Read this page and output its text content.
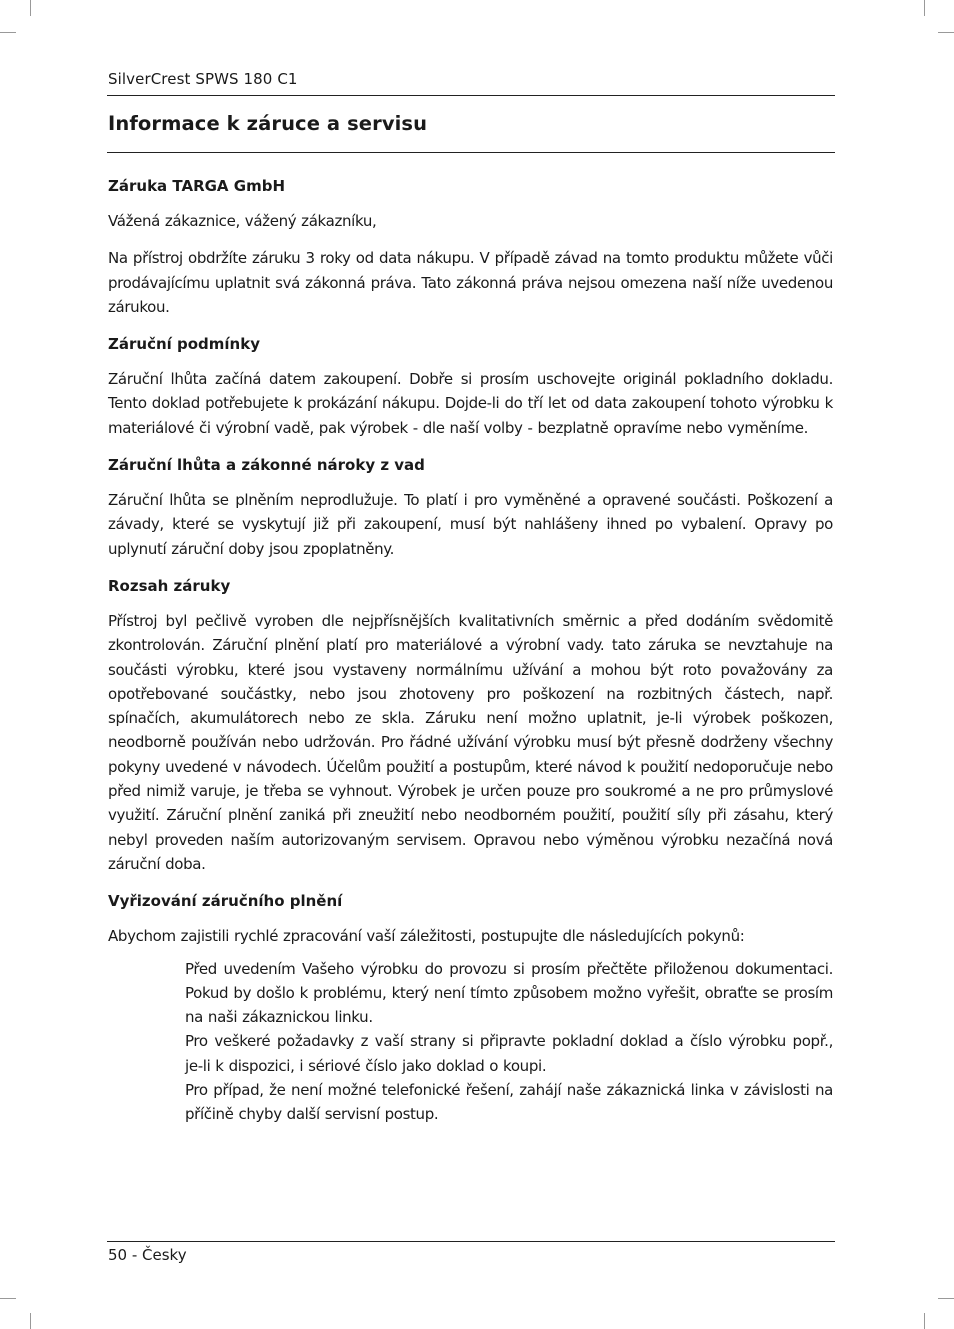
SilverCrest SPWS 180 C1
Informace k záruce a servisu
Záruka TARGA GmbH

Vážená zákaznice, vážený zákazníku,

Na přístroj obdržíte záruku 3 roky od data nákupu. V případě závad na tomto produktu můžete vůči prodávajícímu uplatnit svá zákonná práva. Tato zákonná práva nejsou omezena naší níže uvedenou zárukou.

Záruční podmínky

Záruční lhůta začíná datem zakoupení. Dobře si prosím uschovejte originál pokladního dokladu. Tento doklad potřebujete k prokázání nákupu. Dojde-li do tří let od data zakoupení tohoto výrobku k materiálové či výrobní vadě, pak výrobek - dle naší volby - bezplatně opravíme nebo vyměníme.

Záruční lhůta a zákonné nároky z vad

Záruční lhůta se plněním neprodlužuje. To platí i pro vyměněné a opravené součásti. Poškození a závady, které se vyskytují již při zakoupení, musí být nahlášeny ihned po vybalení. Opravy po uplynutí záruční doby jsou zpoplatněny.

Rozsah záruky

Přístroj byl pečlivě vyroben dle nejpřísnějších kvalitativních směrnic a před dodáním svědomitě zkontrolován. Záruční plnění platí pro materiálové a výrobní vady. tato záruka se nevztahuje na součásti výrobku, které jsou vystaveny normálnímu užívání a mohou být roto považovány za opotřebované součástky, nebo jsou zhotoveny pro poškození na rozbitných částech, např. spínačích, akumulátorech nebo ze skla. Záruku není možno uplatnit, je-li výrobek poškozen, neodborně používán nebo udržován. Pro řádné užívání výrobku musí být přesně dodrženy všechny pokyny uvedené v návodech. Účelům použití a postupům, které návod k použití nedoporučuje nebo před nimiž varuje, je třeba se vyhnout. Výrobek je určen pouze pro soukromé a ne pro průmyslové využití. Záruční plnění zaniká při zneužití nebo neodborném použití, použití síly při zásahu, který nebyl proveden naším autorizovaným servisem. Opravou nebo výměnou výrobku nezačíná nová záruční doba.

Vyřizování záručního plnění

Abychom zajistili rychlé zpracování vaší záležitosti, postupujte dle následujících pokynů:

Před uvedením Vašeho výrobku do provozu si prosím přečtěte přiloženou dokumentaci. Pokud by došlo k problému, který není tímto způsobem možno vyřešit, obraťte se prosím na naši zákaznickou linku.
Pro veškeré požadavky z vaší strany si připravte pokladní doklad a číslo výrobku popř., je-li k dispozici, i sériové číslo jako doklad o koupi.
Pro případ, že není možné telefonické řešení, zahájí naše zákaznická linka v závislosti na příčině chyby další servisní postup.
50 - Česky
